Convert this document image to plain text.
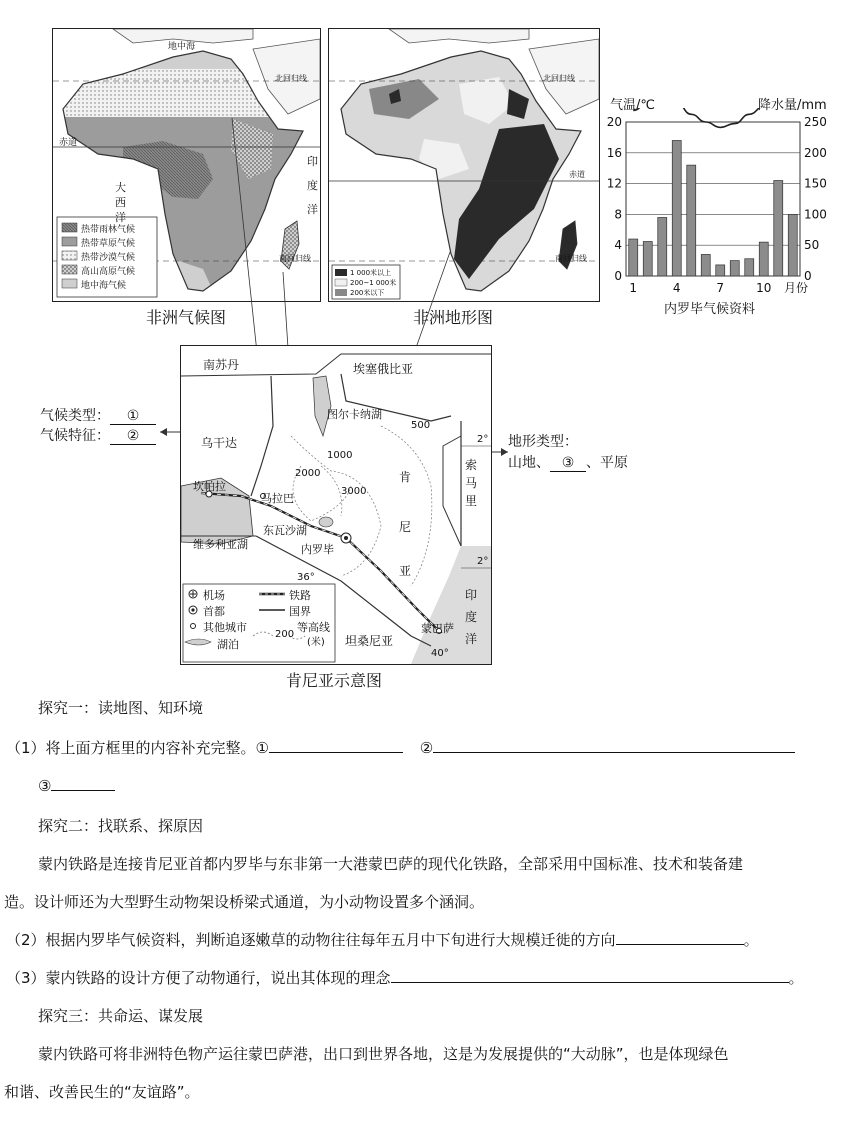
地中海
北回归线
赤道
南回归线
印
度
洋
大
西
洋
热带雨林气候
热带草原气候
热带沙漠气候
高山高原气候
地中海气候
非洲气候图
北回归线
赤道
南回归线
1 000米以上
200~1 000米
200米以下
非洲地形图
气温/℃	降水量/mm
0	0
4	50
8	100
12	150
16	200
20	250
1	4	7	10 月份
内罗毕气候资料
南苏丹	埃塞俄比亚
乌干达
索马里
坦桑尼亚
肯
尼
亚
图尔卡纳湖
坎帕拉
马拉巴
东瓦沙湖
内罗毕
维多利亚湖
蒙巴萨
印
度
洋
500
1000
2000
3000
2°
2°
36°
40°
机场	铁路
首都	国界
其他城市	等高线
200
(米)
湖泊
肯尼亚示意图
气候类型： ①
气候特征： ②	地形类型：
山地、 ③ 、平原
探究一：读地图、知环境
（1）将上面方框里的内容补充完整。①	②
③
探究二：找联系、探原因
蒙内铁路是连接肯尼亚首都内罗毕与东非第一大港蒙巴萨的现代化铁路，全部采用中国标准、技术和装备建
造。设计师还为大型野生动物架设桥梁式通道，为小动物设置多个涵洞。
（2）根据内罗毕气候资料，判断追逐嫩草的动物往往每年五月中下旬进行大规模迁徙的方向	。
（3）蒙内铁路的设计方便了动物通行，说出其体现的理念	。
探究三：共命运、谋发展
蒙内铁路可将非洲特色物产运往蒙巴萨港，出口到世界各地，这是为发展提供的“大动脉”，也是体现绿色
和谐、改善民生的“友谊路”。
